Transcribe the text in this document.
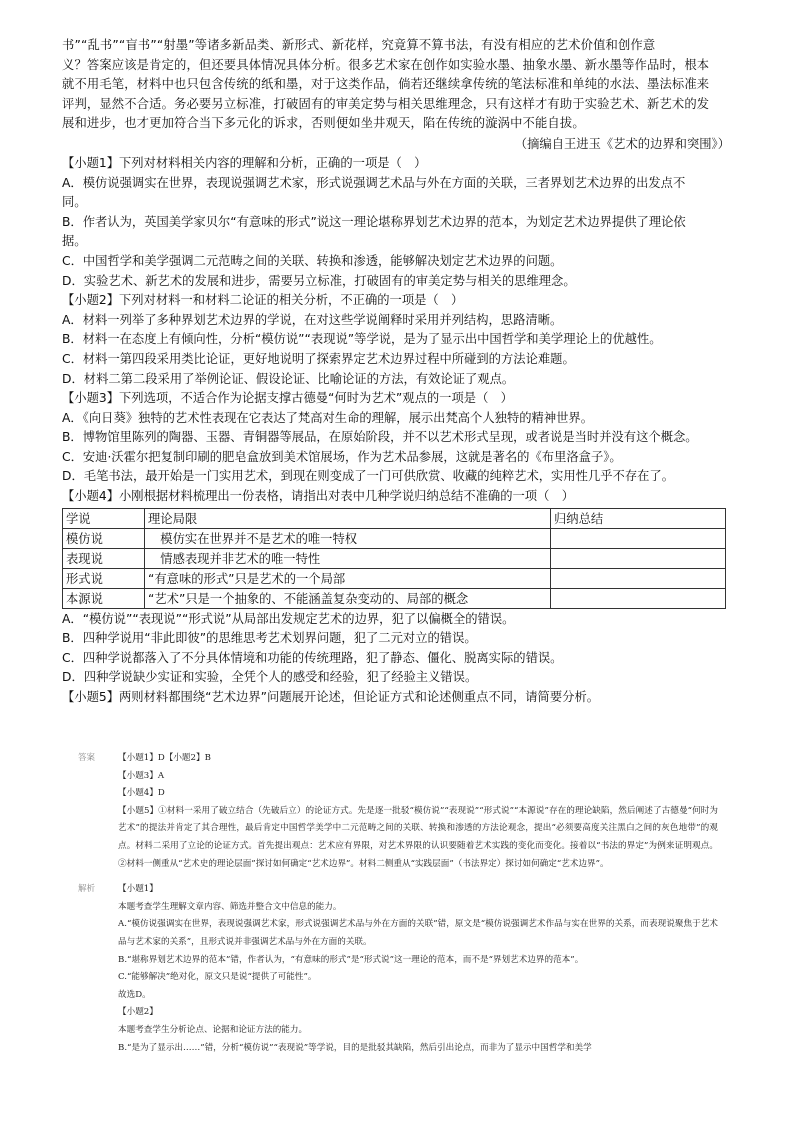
书”“乱书”“盲书”“射墨”等诸多新品类、新形式、新花样，究竟算不算书法，有没有相应的艺术价值和创作意

义？答案应该是肯定的，但还要具体情况具体分析。很多艺术家在创作如实验水墨、抽象水墨、新水墨等作品时，根本

就不用毛笔，材料中也只包含传统的纸和墨，对于这类作品，倘若还继续拿传统的笔法标准和单纯的水法、墨法标准来

评判，显然不合适。务必要另立标准，打破固有的审美定势与相关思维理念，只有这样才有助于实验艺术、新艺术的发

展和进步，也才更加符合当下多元化的诉求，否则便如坐井观天，陷在传统的漩涡中不能自拔。

（摘编自王进玉《艺术的边界和突围》）

【小题1】下列对材料相关内容的理解和分析，正确的一项是（　）

A．模仿说强调实在世界，表现说强调艺术家，形式说强调艺术品与外在方面的关联，三者界划艺术边界的出发点不

同。

B．作者认为，英国美学家贝尔“有意味的形式”说这一理论堪称界划艺术边界的范本，为划定艺术边界提供了理论依

据。

C．中国哲学和美学强调二元范畴之间的关联、转换和渗透，能够解决划定艺术边界的问题。

D．实验艺术、新艺术的发展和进步，需要另立标准，打破固有的审美定势与相关的思维理念。

【小题2】下列对材料一和材料二论证的相关分析，不正确的一项是（　）

A．材料一列举了多种界划艺术边界的学说，在对这些学说阐释时采用并列结构，思路清晰。

B．材料一在态度上有倾向性，分析“模仿说”“表现说”等学说，是为了显示出中国哲学和美学理论上的优越性。

C．材料一第四段采用类比论证，更好地说明了探索界定艺术边界过程中所碰到的方法论难题。

D．材料二第二段采用了举例论证、假设论证、比喻论证的方法，有效论证了观点。

【小题3】下列选项，不适合作为论据支撑古德曼“何时为艺术”观点的一项是（　）

A．《向日葵》独特的艺术性表现在它表达了梵高对生命的理解，展示出梵高个人独特的精神世界。

B．博物馆里陈列的陶器、玉器、青铜器等展品，在原始阶段，并不以艺术形式呈现，或者说是当时并没有这个概念。

C．安迪·沃霍尔把复制印刷的肥皂盒放到美术馆展场，作为艺术品参展，这就是著名的《布里洛盒子》。

D．毛笔书法，最开始是一门实用艺术，到现在则变成了一门可供欣赏、收藏的纯粹艺术，实用性几乎不存在了。

【小题4】小刚根据材料梳理出一份表格，请指出对表中几种学说归纳总结不准确的一项（　）

学说	理论局限	归纳总结
模仿说	　模仿实在世界并不是艺术的唯一特权	
表现说	　情感表现并非艺术的唯一特性	
形式说	“有意味的形式”只是艺术的一个局部	
本源说	“艺术”只是一个抽象的、不能涵盖复杂变动的、局部的概念	

A．“模仿说”“表现说”“形式说”从局部出发规定艺术的边界，犯了以偏概全的错误。

B．四种学说用“非此即彼”的思维思考艺术划界问题，犯了二元对立的错误。

C．四种学说都落入了不分具体情境和功能的传统理路，犯了静态、僵化、脱离实际的错误。

D．四种学说缺少实证和实验，全凭个人的感受和经验，犯了经验主义错误。

【小题5】两则材料都围绕“艺术边界”问题展开论述，但论证方式和论述侧重点不同，请简要分析。

答案	【小题1】D【小题2】B

【小题3】A

【小题4】D

【小题5】①材料一采用了破立结合（先破后立）的论证方式。先是逐一批驳“模仿说”“表现说”“形式说”“本源说”存在的理论缺陷，然后阐述了古德曼“何时为艺术”的提法并肯定了其合理性，最后肯定中国哲学美学中二元范畴之间的关联、转换和渗透的方法论观念，提出“必须要高度关注黑白之间的灰色地带”的观点。材料二采用了立论的论证方式。首先提出观点：艺术应有界限，对艺术界限的认识要随着艺术实践的变化而变化。接着以“书法的界定”为例来证明观点。②材料一侧重从“艺术史的理论层面”探讨如何确定“艺术边界”。材料二侧重从“实践层面”（书法界定）探讨如何确定“艺术边界”。

解析	【小题1】

本题考查学生理解文章内容、筛选并整合文中信息的能力。

A.“模仿说强调实在世界，表现说强调艺术家，形式说强调艺术品与外在方面的关联”错，原文是“模仿说强调艺术作品与实在世界的关系，而表现说聚焦于艺术品与艺术家的关系”，且形式说并非强调艺术品与外在方面的关联。

B.“堪称界划艺术边界的范本”错，作者认为，“有意味的形式”是“形式说”这一理论的范本，而不是“界划艺术边界的范本”。

C.“能够解决”绝对化，原文只是说“提供了可能性”。

故选D。

【小题2】

本题考查学生分析论点、论据和论证方法的能力。

B.“是为了显示出……”错，分析“模仿说”“表现说”等学说，目的是批驳其缺陷，然后引出论点，而非为了显示中国哲学和美学
